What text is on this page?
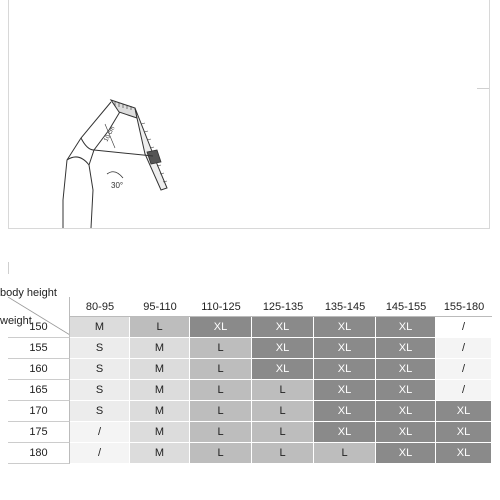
10 cm
30°
body height
weight
80-95	95-110	110-125	125-135	135-145	145-155	155-180
150	M	L	XL	XL	XL	XL	/
155	S	M	L	XL	XL	XL	/
160	S	M	L	XL	XL	XL	/
165	S	M	L	L	XL	XL	/
170	S	M	L	L	XL	XL	XL
175	/	M	L	L	XL	XL	XL
180	/	M	L	L	L	XL	XL
